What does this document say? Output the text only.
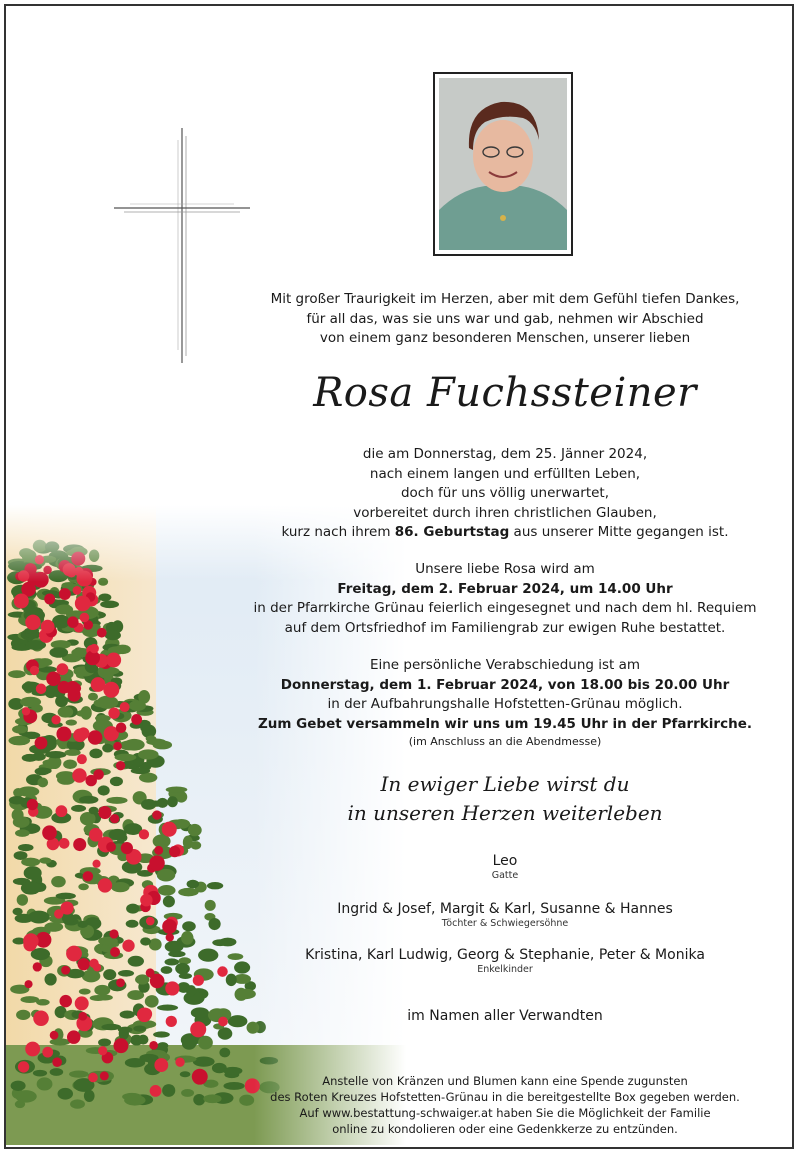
Mit großer Traurigkeit im Herzen, aber mit dem Gefühl tiefen Dankes,

für all das, was sie uns war und gab, nehmen wir Abschied

von einem ganz besonderen Menschen, unserer lieben

Rosa Fuchssteiner

die am Donnerstag, dem 25. Jänner 2024,

nach einem langen und erfüllten Leben,

doch für uns völlig unerwartet,

vorbereitet durch ihren christlichen Glauben,

kurz nach ihrem 86. Geburtstag aus unserer Mitte gegangen ist.

Unsere liebe Rosa wird am

Freitag, dem 2. Februar 2024, um 14.00 Uhr

in der Pfarrkirche Grünau feierlich eingesegnet und nach dem hl. Requiem

auf dem Ortsfriedhof im Familiengrab zur ewigen Ruhe bestattet.

Eine persönliche Verabschiedung ist am

Donnerstag, dem 1. Februar 2024, von 18.00 bis 20.00 Uhr

in der Aufbahrungshalle Hofstetten-Grünau möglich.

Zum Gebet versammeln wir uns um 19.45 Uhr in der Pfarrkirche.

(im Anschluss an die Abendmesse)

In ewiger Liebe wirst du
in unseren Herzen weiterleben
Leo
Gatte
Ingrid & Josef, Margit & Karl, Susanne & Hannes
Töchter & Schwiegersöhne
Kristina, Karl Ludwig, Georg & Stephanie, Peter & Monika
Enkelkinder
im Namen aller Verwandten
Anstelle von Kränzen und Blumen kann eine Spende zugunsten
des Roten Kreuzes Hofstetten-Grünau in die bereitgestellte Box gegeben werden.
Auf www.bestattung-schwaiger.at haben Sie die Möglichkeit der Familie
online zu kondolieren oder eine Gedenkkerze zu entzünden.
